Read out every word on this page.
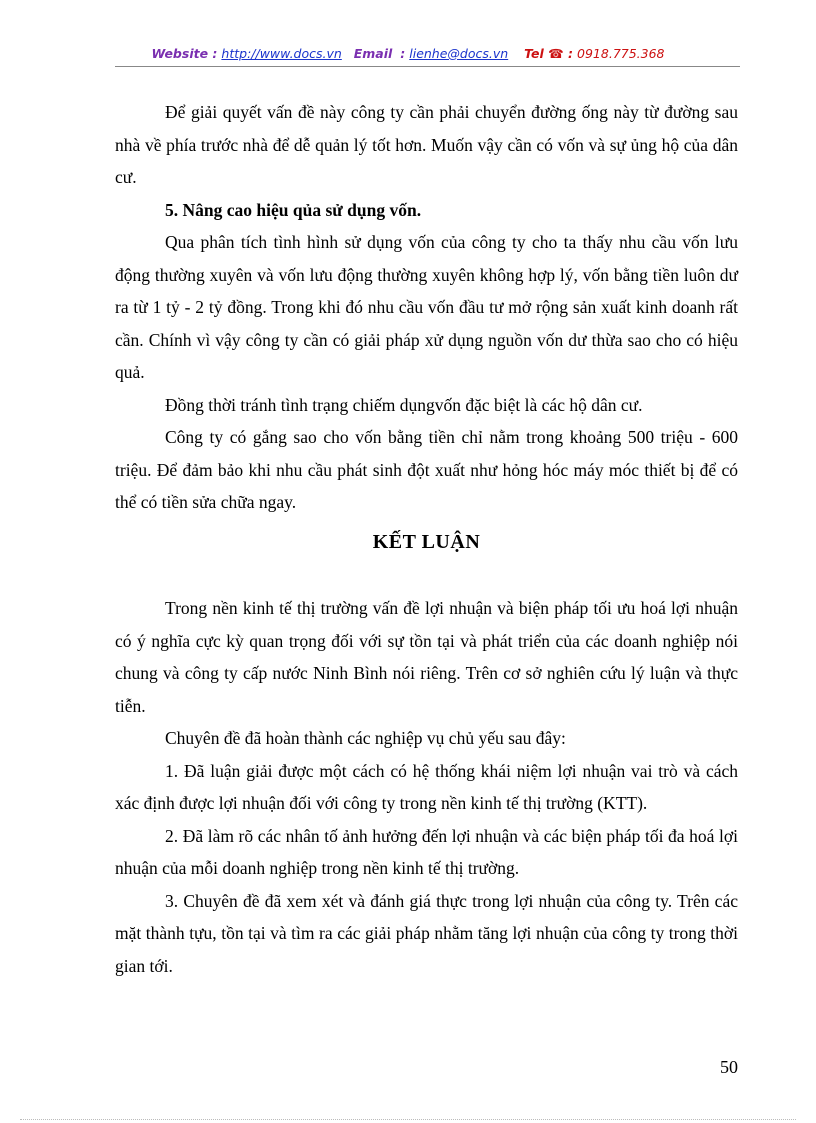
Website : http://www.docs.vn Email : lienhe@docs.vn Tel ☎ : 0918.775.368

Để giải quyết vấn đề này công ty cần phải chuyển đường ống này từ đường sau nhà về phía trước nhà để dễ quản lý tốt hơn. Muốn vậy cần có vốn và sự ủng hộ của dân cư.

5. Nâng cao hiệu qủa sử dụng vốn.

Qua phân tích tình hình sử dụng vốn của công ty cho ta thấy nhu cầu vốn lưu động thường xuyên và vốn lưu động thường xuyên không hợp lý, vốn bằng tiền luôn dư ra từ 1 tỷ - 2 tỷ đồng. Trong khi đó nhu cầu vốn đầu tư mở rộng sản xuất kinh doanh rất cần. Chính vì vậy công ty cần có giải pháp xử dụng nguồn vốn dư thừa sao cho có hiệu quả.

Đồng thời tránh tình trạng chiếm dụngvốn đặc biệt là các hộ dân cư.

Công ty có gắng sao cho vốn bằng tiền chỉ nằm trong khoảng 500 triệu - 600 triệu. Để đảm bảo khi nhu cầu phát sinh đột xuất như hỏng hóc máy móc thiết bị để có thể có tiền sửa chữa ngay.

KẾT LUẬN

Trong nền kinh tế thị trường vấn đề lợi nhuận và biện pháp tối ưu hoá lợi nhuận có ý nghĩa cực kỳ quan trọng đối với sự tồn tại và phát triển của các doanh nghiệp nói chung và công ty cấp nước Ninh Bình nói riêng. Trên cơ sở nghiên cứu lý luận và thực tiễn.

Chuyên đề đã hoàn thành các nghiệp vụ chủ yếu sau đây:

1. Đã luận giải được một cách có hệ thống khái niệm lợi nhuận vai trò và cách xác định được lợi nhuận đối với công ty trong nền kinh tế thị trường (KTT).

2. Đã làm rõ các nhân tố ảnh hưởng đến lợi nhuận và các biện pháp tối đa hoá lợi nhuận của mỗi doanh nghiệp trong nền kinh tế thị trường.

3. Chuyên đề đã xem xét và đánh giá thực trong lợi nhuận của công ty. Trên các mặt thành tựu, tồn tại và tìm ra các giải pháp nhằm tăng lợi nhuận của công ty trong thời gian tới.

50
